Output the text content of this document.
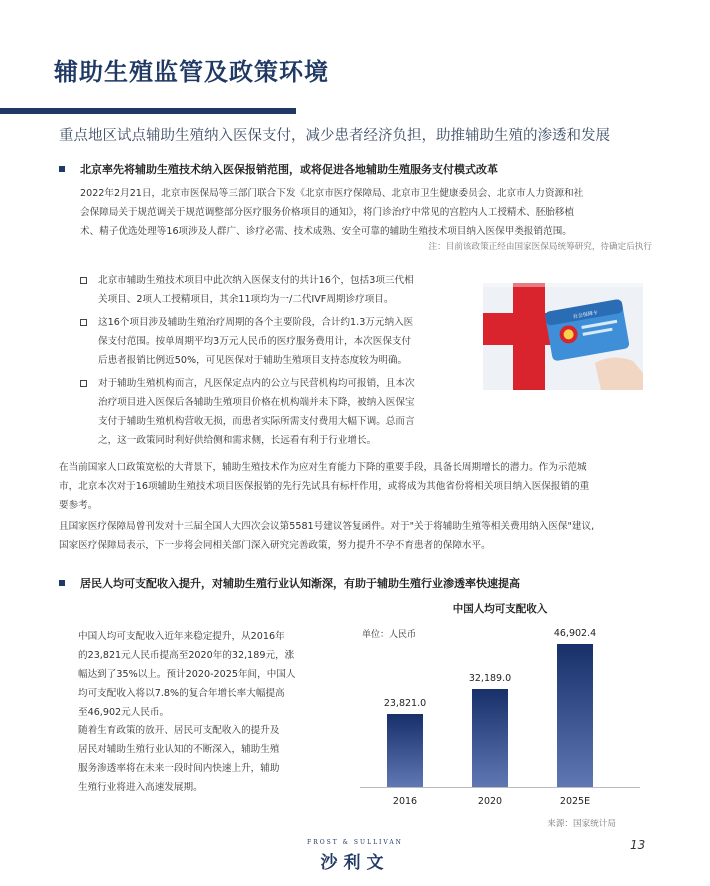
辅助生殖监管及政策环境
重点地区试点辅助生殖纳入医保支付，减少患者经济负担，助推辅助生殖的渗透和发展
北京率先将辅助生殖技术纳入医保报销范围，或将促进各地辅助生殖服务支付模式改革
2022年2月21日，北京市医保局等三部门联合下发《北京市医疗保障局、北京市卫生健康委员会、北京市人力资源和社
会保障局关于规范调关于规范调整部分医疗服务价格项目的通知》，将门诊治疗中常见的宫腔内人工授精术、胚胎移植
术、精子优选处理等16项涉及人群广、诊疗必需、技术成熟、安全可靠的辅助生殖技术项目纳入医保甲类报销范围。
注：目前该政策正经由国家医保局统筹研究，待确定后执行
北京市辅助生殖技术项目中此次纳入医保支付的共计16个，包括3项三代相
关项目、2项人工授精项目，其余11项均为一/二代IVF周期诊疗项目。
这16个项目涉及辅助生殖治疗周期的各个主要阶段，合计约1.3万元纳入医
保支付范围。按单周期平均3万元人民币的医疗服务费用计，本次医保支付
后患者报销比例近50%，可见医保对于辅助生殖项目支持态度较为明确。
对于辅助生殖机构而言，凡医保定点内的公立与民营机构均可报销，且本次
治疗项目进入医保后各辅助生殖项目价格在机构端并未下降，被纳入医保宝
支付于辅助生殖机构营收无损，而患者实际所需支付费用大幅下调。总而言
之，这一政策同时利好供给侧和需求侧，长远看有利于行业增长。
社会保障卡
在当前国家人口政策宽松的大背景下，辅助生殖技术作为应对生育能力下降的重要手段，具备长周期增长的潜力。作为示范城
市，北京本次对于16项辅助生殖技术项目医保报销的先行先试具有标杆作用，或将成为其他省份将相关项目纳入医保报销的重
要参考。
且国家医疗保障局曾刊发对十三届全国人大四次会议第5581号建议答复函件。对于"关于将辅助生殖等相关费用纳入医保"建议,
国家医疗保障局表示，下一步将会同相关部门深入研究完善政策，努力提升不孕不育患者的保障水平。
居民人均可支配收入提升，对辅助生殖行业认知渐深，有助于辅助生殖行业渗透率快速提高
中国人均可支配收入近年来稳定提升，从2016年
的23,821元人民币提高至2020年的32,189元，涨
幅达到了35%以上。预计2020-2025年间，中国人
均可支配收入将以7.8%的复合年增长率大幅提高
至46,902元人民币。
随着生育政策的放开、居民可支配收入的提升及
居民对辅助生殖行业认知的不断深入，辅助生殖
服务渗透率将在未来一段时间内快速上升，辅助
生殖行业将进入高速发展期。
中国人均可支配收入
单位：人民币
23,821.0
2016
32,189.0
2020
46,902.4
2025E
来源：国家统计局
FROST & SULLIVAN
沙利文
13
